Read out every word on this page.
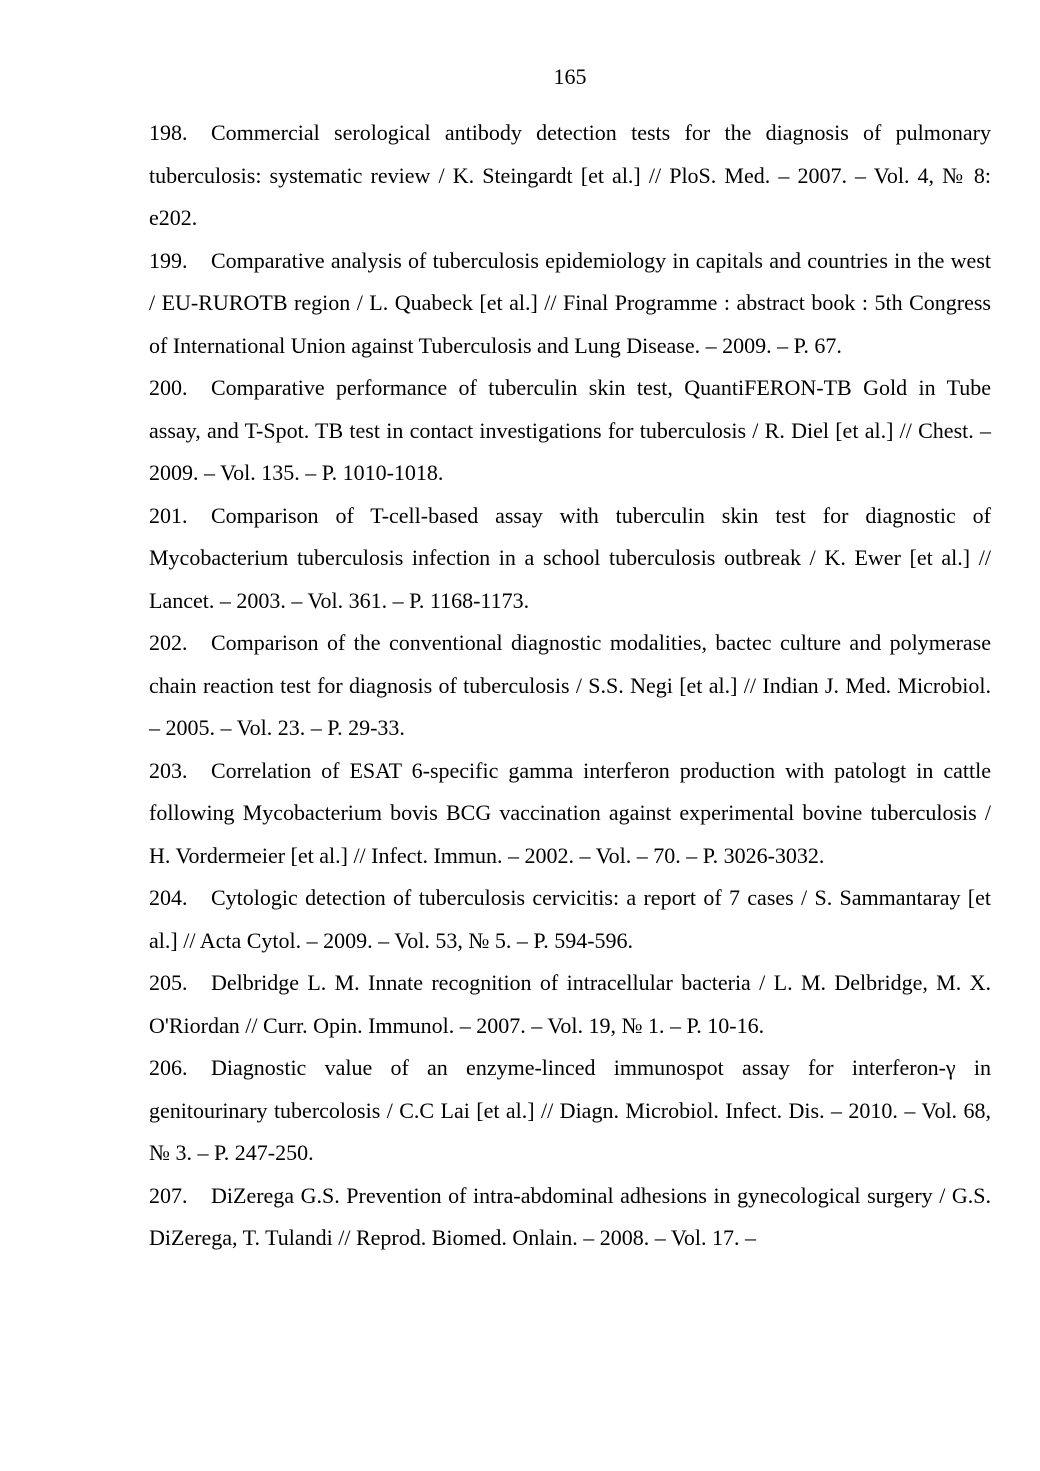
165
198. Commercial serological antibody detection tests for the diagnosis of pulmonary tuberculosis: systematic review / K. Steingardt [et al.] // PloS. Med. – 2007. – Vol. 4, № 8: e202.
199. Comparative analysis of tuberculosis epidemiology in capitals and countries in the west / EU-RUROTB region / L. Quabeck [et al.] // Final Programme : abstract book : 5th Congress of International Union against Tuberculosis and Lung Disease. – 2009. – P. 67.
200. Comparative performance of tuberculin skin test, QuantiFERON-TB Gold in Tube assay, and T-Spot. TB test in contact investigations for tuberculosis / R. Diel [et al.] // Chest. – 2009. – Vol. 135. – P. 1010-1018.
201. Comparison of T-cell-based assay with tuberculin skin test for diagnostic of Mycobacterium tuberculosis infection in a school tuberculosis outbreak / K. Ewer [et al.] // Lancet. – 2003. – Vol. 361. – P. 1168-1173.
202. Comparison of the conventional diagnostic modalities, bactec culture and polymerase chain reaction test for diagnosis of tuberculosis / S.S. Negi [et al.] // Indian J. Med. Microbiol. – 2005. – Vol. 23. – P. 29-33.
203. Correlation of ESAT 6-specific gamma interferon production with patologt in cattle following Mycobacterium bovis BCG vaccination against experimental bovine tuberculosis / H. Vordermeier [et al.] // Infect. Immun. – 2002. – Vol. – 70. – P. 3026-3032.
204. Cytologic detection of tuberculosis cervicitis: a report of 7 cases / S. Sammantaray [et al.] // Acta Cytol. – 2009. – Vol. 53, № 5. – P. 594-596.
205. Delbridge L. M. Innate recognition of intracellular bacteria / L. M. Delbridge, M. X. O'Riordan // Curr. Opin. Immunol. – 2007. – Vol. 19, № 1. – P. 10-16.
206. Diagnostic value of an enzyme-linced immunospot assay for interferon-γ in genitourinary tubercolosis / C.C Lai [et al.] // Diagn. Microbiol. Infect. Dis. – 2010. – Vol. 68, № 3. – P. 247-250.
207. DiZerega G.S. Prevention of intra-abdominal adhesions in gynecological surgery / G.S. DiZerega, T. Tulandi // Reprod. Biomed. Onlain. – 2008. – Vol. 17. –
